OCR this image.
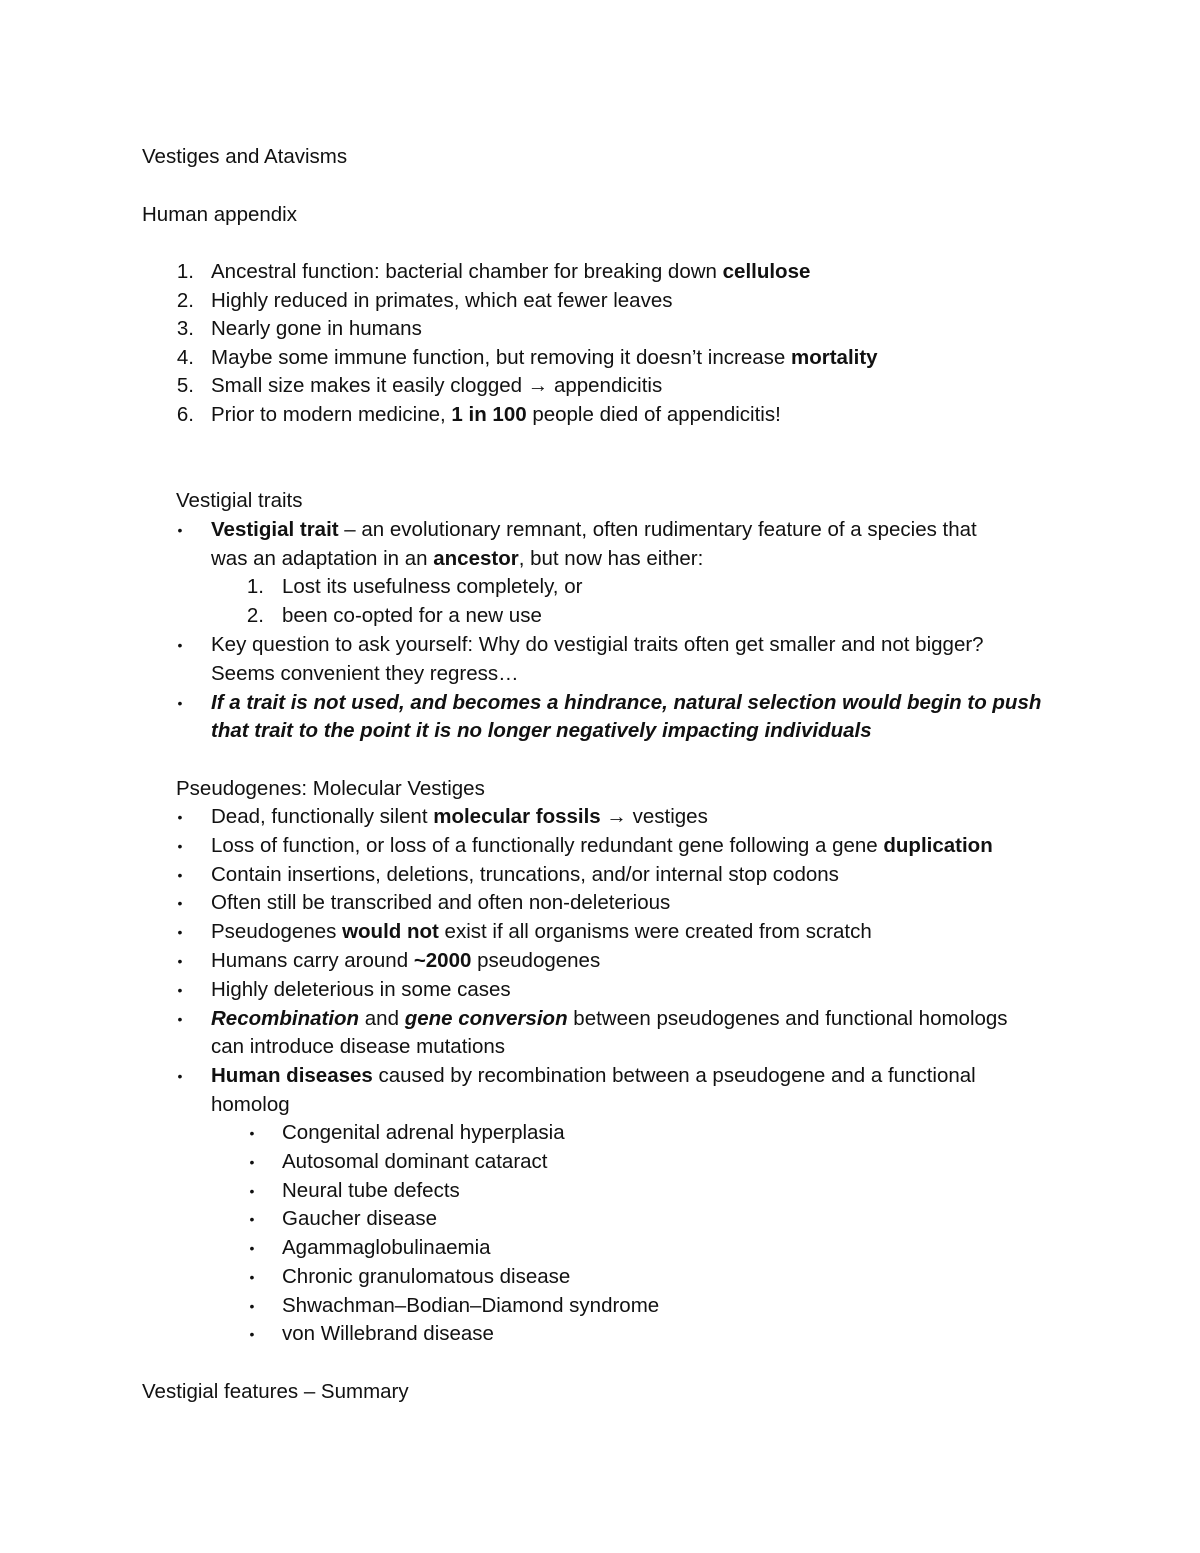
Vestiges and Atavisms
Human appendix
1. Ancestral function: bacterial chamber for breaking down cellulose
2. Highly reduced in primates, which eat fewer leaves
3. Nearly gone in humans
4. Maybe some immune function, but removing it doesn’t increase mortality
5. Small size makes it easily clogged → appendicitis
6. Prior to modern medicine, 1 in 100 people died of appendicitis!
Vestigial traits
• Vestigial trait – an evolutionary remnant, often rudimentary feature of a species that
was an adaptation in an ancestor, but now has either:
1. Lost its usefulness completely, or
2. been co-opted for a new use
• Key question to ask yourself: Why do vestigial traits often get smaller and not bigger?
Seems convenient they regress…
• If a trait is not used, and becomes a hindrance, natural selection would begin to push
that trait to the point it is no longer negatively impacting individuals
Pseudogenes: Molecular Vestiges
• Dead, functionally silent molecular fossils → vestiges
• Loss of function, or loss of a functionally redundant gene following a gene duplication
• Contain insertions, deletions, truncations, and/or internal stop codons
• Often still be transcribed and often non-deleterious
• Pseudogenes would not exist if all organisms were created from scratch
• Humans carry around ~2000 pseudogenes
• Highly deleterious in some cases
• Recombination and gene conversion between pseudogenes and functional homologs
can introduce disease mutations
• Human diseases caused by recombination between a pseudogene and a functional
homolog
• Congenital adrenal hyperplasia
• Autosomal dominant cataract
• Neural tube defects
• Gaucher disease
• Agammaglobulinaemia
• Chronic granulomatous disease
• Shwachman–Bodian–Diamond syndrome
• von Willebrand disease
Vestigial features – Summary
